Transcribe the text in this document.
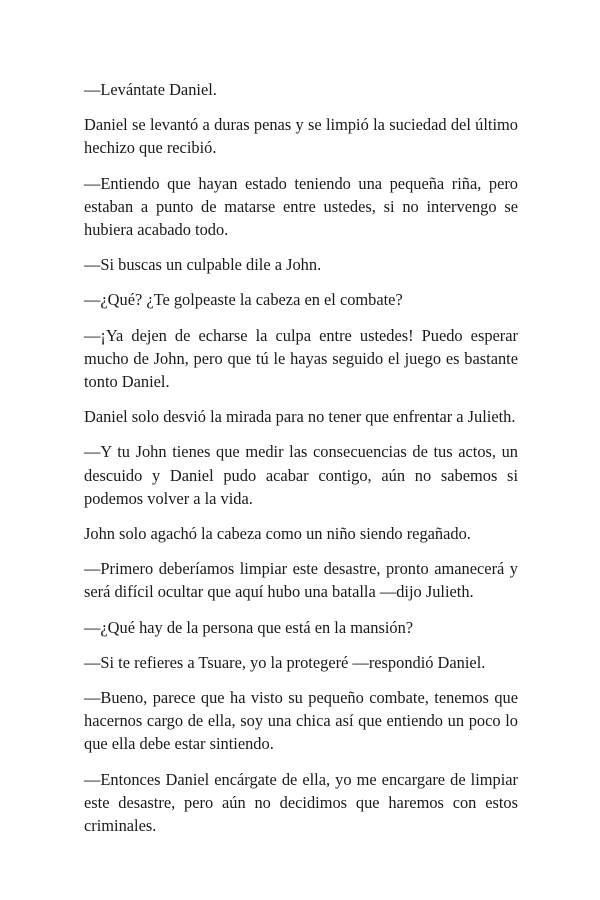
—Levántate Daniel.

Daniel se levantó a duras penas y se limpió la suciedad del último hechizo que recibió.

—Entiendo que hayan estado teniendo una pequeña riña, pero estaban a punto de matarse entre ustedes, si no intervengo se hubiera acabado todo.

—Si buscas un culpable dile a John.

—¿Qué? ¿Te golpeaste la cabeza en el combate?

—¡Ya dejen de echarse la culpa entre ustedes! Puedo esperar mucho de John, pero que tú le hayas seguido el juego es bastante tonto Daniel.

Daniel solo desvió la mirada para no tener que enfrentar a Julieth.

—Y tu John tienes que medir las consecuencias de tus actos, un descuido y Daniel pudo acabar contigo, aún no sabemos si podemos volver a la vida.

John solo agachó la cabeza como un niño siendo regañado.

—Primero deberíamos limpiar este desastre, pronto amanecerá y será difícil ocultar que aquí hubo una batalla —dijo Julieth.

—¿Qué hay de la persona que está en la mansión?

—Si te refieres a Tsuare, yo la protegeré —respondió Daniel.

—Bueno, parece que ha visto su pequeño combate, tenemos que hacernos cargo de ella, soy una chica así que entiendo un poco lo que ella debe estar sintiendo.

—Entonces Daniel encárgate de ella, yo me encargare de limpiar este desastre, pero aún no decidimos que haremos con estos criminales.
